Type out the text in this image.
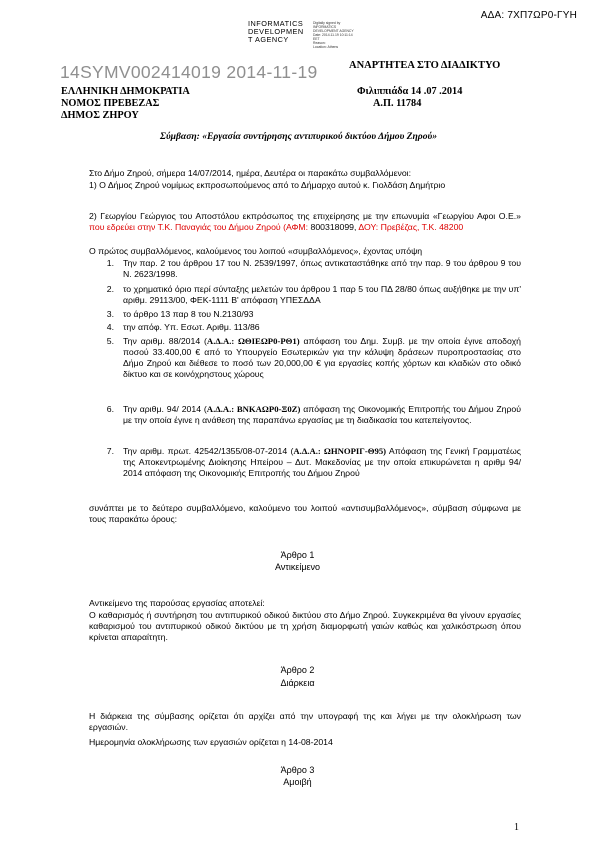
ΑΔΑ: 7ΧΠ7ΩΡ0-ΓΥΗ
INFORMATICS
DEVELOPMEN
T AGENCY
Digitally signed by
INFORMATICS
DEVELOPMENT AGENCY
Date: 2014.11.19 10:11:14
EET
Reason:
Location: Athens
14SYMV002414019 2014-11-19	ΑΝΑΡΤΗΤΕΑ ΣΤΟ ΔΙΑΔΙΚΤΥΟ
ΕΛΛΗΝΙΚΗ ΔΗΜΟΚΡΑΤΙΑ
ΝΟΜΟΣ ΠΡΕΒΕΖΑΣ
ΔΗΜΟΣ ΖΗΡΟΥ
Φιλιππιάδα 14 .07 .2014
Α.Π. 11784
Σύμβαση: «Εργασία συντήρησης αντιπυρικού δικτύου Δήμου Ζηρού»
Στο Δήμο Ζηρού, σήμερα 14/07/2014, ημέρα, Δευτέρα οι παρακάτω συμβαλλόμενοι:
1) Ο Δήμος Ζηρού νομίμως εκπροσωπούμενος από το Δήμαρχο αυτού κ. Γιολδάση Δημήτριο
2) Γεωργίου Γεώργιος του Αποστόλου εκπρόσωπος της επιχείρησης με την επωνυμία «Γεωργίου Αφοι Ο.Ε.» που εδρεύει στην Τ.Κ. Παναγιάς του Δήμου Ζηρού (ΑΦΜ: 800318099, ΔΟΥ: Πρεβέζας, Τ.Κ. 48200
Ο πρώτος συμβαλλόμενος, καλούμενος του λοιπού «συμβαλλόμενος», έχοντας υπόψη
1. Την παρ. 2 του άρθρου 17 του Ν. 2539/1997, όπως αντικαταστάθηκε από την παρ. 9 του άρθρου 9 του Ν. 2623/1998.
2. το χρηματικό όριο περί σύνταξης μελετών του άρθρου 1 παρ 5 του ΠΔ 28/80 όπως αυξήθηκε με την υπ' αριθμ. 29113/00, ΦΕΚ-1111 Β' απόφαση ΥΠΕΣΔΔΑ
3. το άρθρο 13 παρ 8 του Ν.2130/93
4. την απόφ. Υπ. Εσωτ. Αριθμ. 113/86
5. Την αριθμ. 88/2014 (Α.Δ.Α.: ΩΘΙΕΩΡ0-ΡΘ1) απόφαση του Δημ. Συμβ. με την οποία έγινε αποδοχή ποσού 33.400,00 € από το Υπουργείο Εσωτερικών για την κάλυψη δράσεων πυροπροστασίας στο Δήμο Ζηρού και διέθεσε το ποσό των 20,000,00 € για εργασίες κοπής χόρτων και κλαδιών στο οδικό δίκτυο και σε κοινόχρηστους χώρους
6. Την αριθμ. 94/ 2014 (Α.Δ.Α.: ΒΝΚΑΩΡ0-Ξ0Ζ) απόφαση της Οικονομικής Επιτροπής του Δήμου Ζηρού με την οποία έγινε η ανάθεση της παραπάνω εργασίας με τη διαδικασία του κατεπείγοντος.
7. Την αριθμ. πρωτ. 42542/1355/08-07-2014 (Α.Δ.Α.: ΩΗΝΟΡΙΓ-Θ95) Απόφαση της Γενική Γραμματέως της Αποκεντρωμένης Διοίκησης Ηπείρου – Δυτ. Μακεδονίας με την οποία επικυρώνεται η αριθμ 94/ 2014 απόφαση της Οικονομικής Επιτροπής του Δήμου Ζηρού
συνάπτει με το δεύτερο συμβαλλόμενο, καλούμενο του λοιπού «αντισυμβαλλόμενος», σύμβαση σύμφωνα με τους παρακάτω όρους:
Άρθρο 1
Αντικείμενο
Αντικείμενο της παρούσας εργασίας αποτελεί:
Ο καθαρισμός ή συντήρηση του αντιπυρικού οδικού δικτύου στο Δήμο Ζηρού. Συγκεκριμένα θα γίνουν εργασίες καθαρισμού του αντιπυρικού οδικού δικτύου με τη χρήση διαμορφωτή γαιών καθώς και χαλικόστρωση όπου κρίνεται απαραίτητη.
Άρθρο 2
Διάρκεια
Η διάρκεια της σύμβασης ορίζεται ότι αρχίζει από την υπογραφή της και λήγει με την ολοκλήρωση των εργασιών.
Ημερομηνία ολοκλήρωσης των εργασιών ορίζεται η 14-08-2014
Άρθρο 3
Αμοιβή
1
